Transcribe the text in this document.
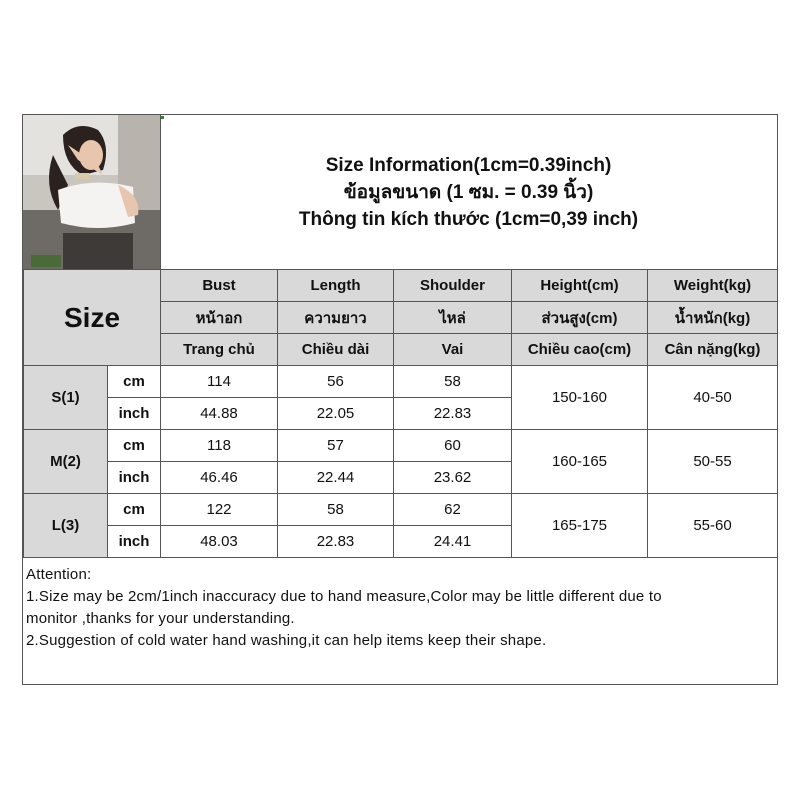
Size Information(1cm=0.39inch)
ข้อมูลขนาด (1 ซม. = 0.39 นิ้ว)
Thông tin kích thước (1cm=0,39 inch)
Size		Bust	Length	Shoulder	Height(cm)	Weight(kg)
		หน้าอก	ความยาว	ไหล่	ส่วนสูง(cm)	น้ำหนัก(kg)
		Trang chủ	Chiều dài	Vai	Chiều cao(cm)	Cân nặng(kg)
S(1)	cm	114	56	58	150-160	40-50
	inch	44.88	22.05	22.83		
M(2)	cm	118	57	60	160-165	50-55
	inch	46.46	22.44	23.62		
L(3)	cm	122	58	62	165-175	55-60
	inch	48.03	22.83	24.41		
Attention:
1.Size may be 2cm/1inch inaccuracy due to hand measure,Color may be little different due to
monitor ,thanks for your understanding.
2.Suggestion of cold water hand washing,it can help items keep their shape.
